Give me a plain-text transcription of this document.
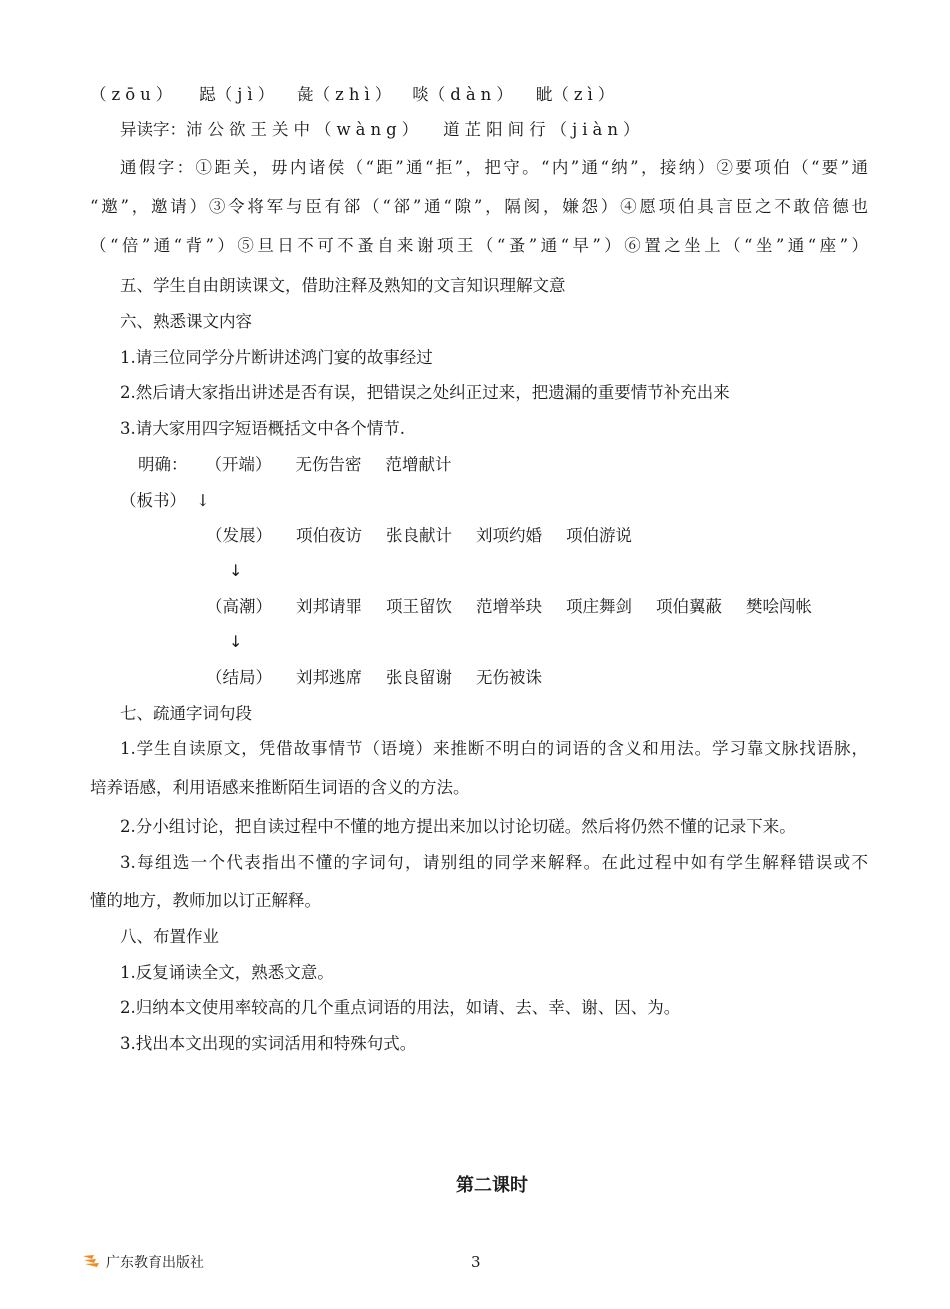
（zōu） 跽（jì） 彘（zhì） 啖（dàn） 眦（zì）
异读字：沛公欲王关中（wàng） 道芷阳间行（jiàn）
通假字：①距关，毋内诸侯（“距”通“拒”，把守。“内”通“纳”，接纳）②要项伯（“要”通
“邀”，邀请）③令将军与臣有郤（“郤”通“隙”，隔阂，嫌怨）④愿项伯具言臣之不敢倍德也
（“倍”通“背”）⑤旦日不可不蚤自来谢项王（“蚤”通“早”）⑥置之坐上（“坐”通“座”）
五、学生自由朗读课文，借助注释及熟知的文言知识理解文意
六、熟悉课文内容
1.请三位同学分片断讲述鸿门宴的故事经过
2.然后请大家指出讲述是否有误，把错误之处纠正过来，把遗漏的重要情节补充出来
3.请大家用四字短语概括文中各个情节.
明确： （开端） 无伤告密 范增献计
（板书） ↓
（发展） 项伯夜访 张良献计 刘项约婚 项伯游说
↓
（高潮） 刘邦请罪 项王留饮 范增举玦 项庄舞剑 项伯翼蔽 樊哙闯帐
↓
（结局） 刘邦逃席 张良留谢 无伤被诛
七、疏通字词句段
1.学生自读原文，凭借故事情节（语境）来推断不明白的词语的含义和用法。学习靠文脉找语脉，
培养语感，利用语感来推断陌生词语的含义的方法。
2.分小组讨论，把自读过程中不懂的地方提出来加以讨论切磋。然后将仍然不懂的记录下来。
3.每组选一个代表指出不懂的字词句，请别组的同学来解释。在此过程中如有学生解释错误或不
懂的地方，教师加以订正解释。
八、布置作业
1.反复诵读全文，熟悉文意。
2.归纳本文使用率较高的几个重点词语的用法，如请、去、幸、谢、因、为。
3.找出本文出现的实词活用和特殊句式。
第二课时
广东教育出版社	3
